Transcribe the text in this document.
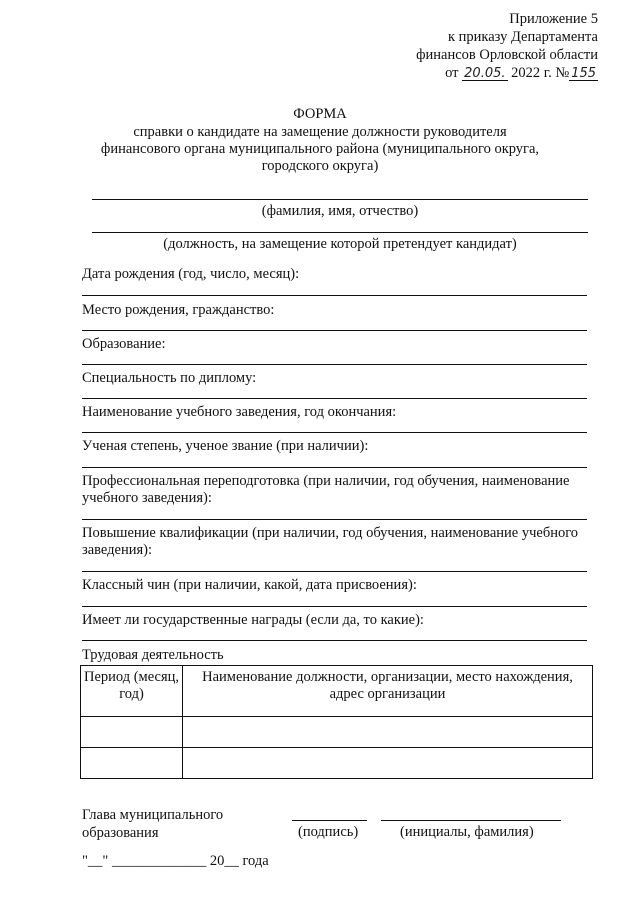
Приложение 5
к приказу Департамента
финансов Орловской области
от 20.05. 2022 г. № 155
ФОРМА
справки о кандидате на замещение должности руководителя
финансового органа муниципального района (муниципального округа,
городского округа)
(фамилия, имя, отчество)
(должность, на замещение которой претендует кандидат)
Дата рождения (год, число, месяц):
Место рождения, гражданство:
Образование:
Специальность по диплому:
Наименование учебного заведения, год окончания:
Ученая степень, ученое звание (при наличии):
Профессиональная переподготовка (при наличии, год обучения, наименование учебного заведения):
Повышение квалификации (при наличии, год обучения, наименование учебного заведения):
Классный чин (при наличии, какой, дата присвоения):
Имеет ли государственные награды (если да, то какие):
Трудовая деятельность
Период (месяц, год)	Наименование должности, организации, место нахождения, адрес организации

Глава муниципального
образования	(подпись)	(инициалы, фамилия)
"__" _____________ 20__ года
